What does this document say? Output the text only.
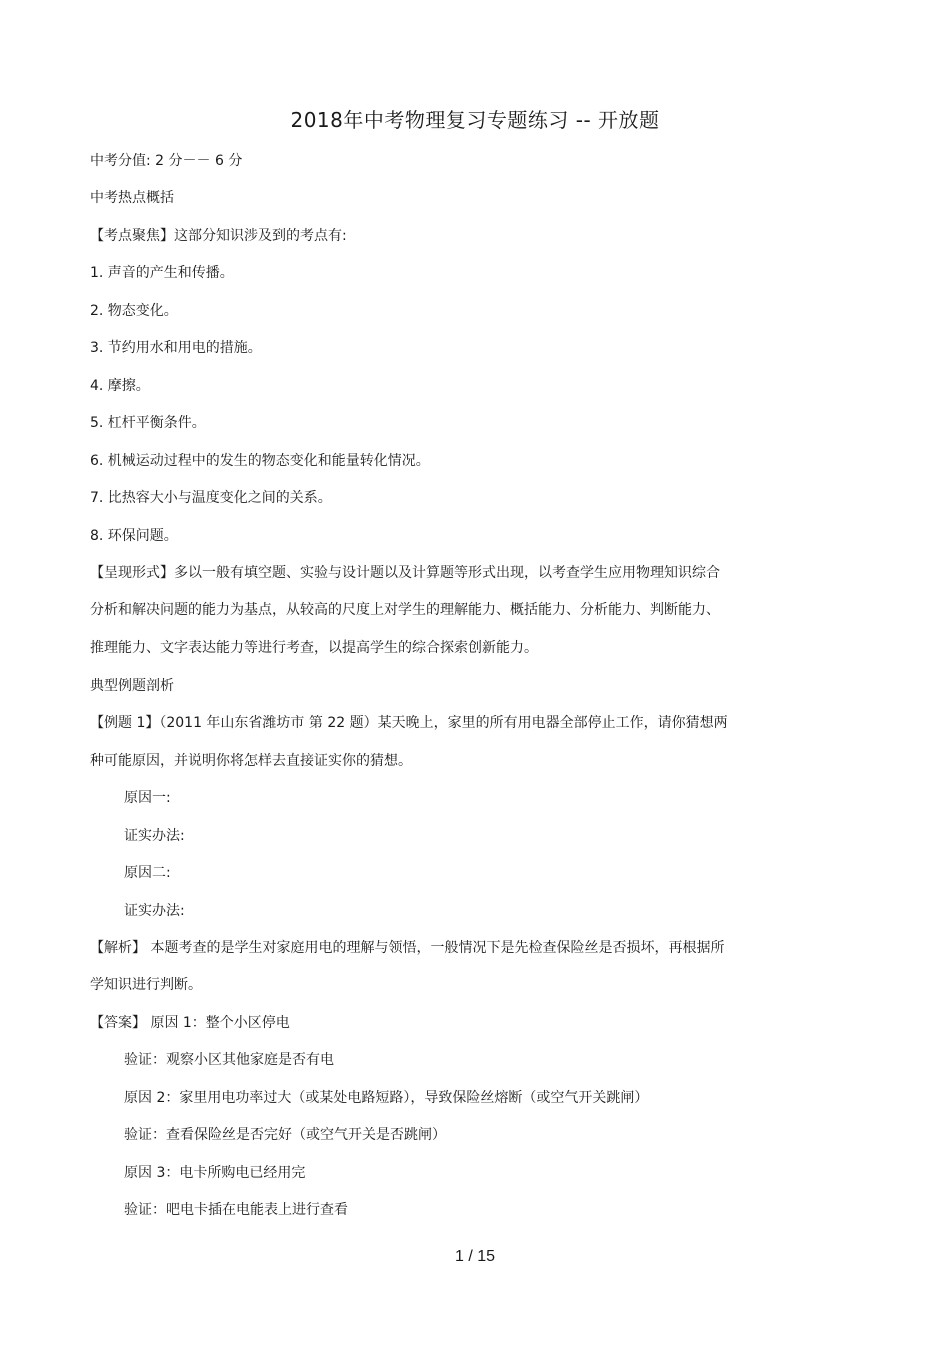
2018年中考物理复习专题练习 -- 开放题
中考分值: 2 分－－ 6 分
中考热点概括
【考点聚焦】这部分知识涉及到的考点有:
1. 声音的产生和传播。
2. 物态变化。
3. 节约用水和用电的措施。
4. 摩擦。
5. 杠杆平衡条件。
6. 机械运动过程中的发生的物态变化和能量转化情况。
7. 比热容大小与温度变化之间的关系。
8. 环保问题。
【呈现形式】多以一般有填空题、实验与设计题以及计算题等形式出现，以考查学生应用物理知识综合
分析和解决问题的能力为基点，从较高的尺度上对学生的理解能力、概括能力、分析能力、判断能力、
推理能力、文字表达能力等进行考查，以提高学生的综合探索创新能力。
典型例题剖析
【例题 1】（2011 年山东省潍坊市 第 22 题）某天晚上，家里的所有用电器全部停止工作，请你猜想两
种可能原因，并说明你将怎样去直接证实你的猜想。
原因一:
证实办法:
原因二:
证实办法:
【解析】 本题考查的是学生对家庭用电的理解与领悟，一般情况下是先检查保险丝是否损坏，再根据所
学知识进行判断。
【答案】 原因 1：整个小区停电
验证：观察小区其他家庭是否有电
原因 2：家里用电功率过大（或某处电路短路），导致保险丝熔断（或空气开关跳闸）
验证：查看保险丝是否完好（或空气开关是否跳闸）
原因 3：电卡所购电已经用完
验证：吧电卡插在电能表上进行查看
1 / 15
